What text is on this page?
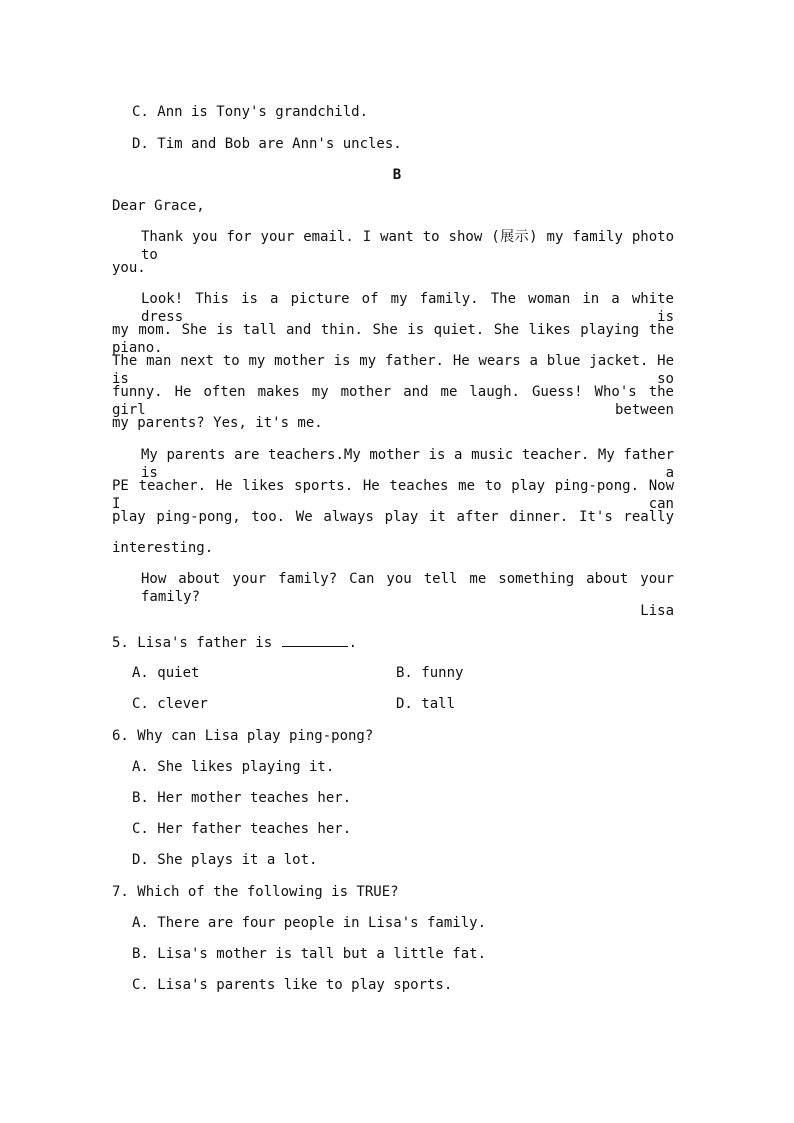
C. Ann is Tony's grandchild.
D. Tim and Bob are Ann's uncles.
B
Dear Grace,
Thank you for your email. I want to show (展示) my family photo to
you.
Look! This is a picture of my family. The woman in a white dress is
my mom. She is tall and thin. She is quiet. She likes playing the piano.
The man next to my mother is my father. He wears a blue jacket. He is so
funny. He often makes my mother and me laugh. Guess! Who's the girl between
my parents? Yes, it's me.
My parents are teachers.My mother is a music teacher. My father is a
PE teacher. He likes sports. He teaches me to play ping-pong. Now I can
play ping-pong, too. We always play it after dinner. It's really
interesting.
How about your family? Can you tell me something about your family?
Lisa
5. Lisa's father is	.
A. quiet	B. funny
C. clever	D. tall
6. Why can Lisa play ping-pong?
A. She likes playing it.
B. Her mother teaches her.
C. Her father teaches her.
D. She plays it a lot.
7. Which of the following is TRUE?
A. There are four people in Lisa's family.
B. Lisa's mother is tall but a little fat.
C. Lisa's parents like to play sports.
